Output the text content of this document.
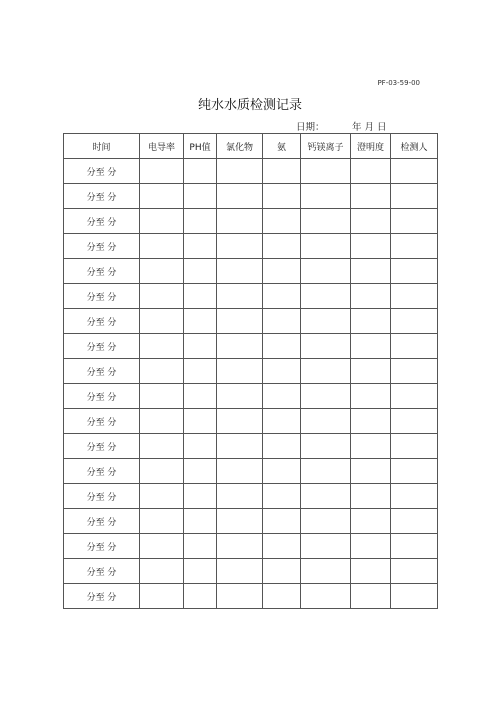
PF-03-59-00
纯水水质检测记录
日期：	年 月 日
时间	电导率	PH值	氯化物	氨	钙镁离子	澄明度	检测人
分至 分							
分至 分							
分至 分							
分至 分							
分至 分							
分至 分							
分至 分							
分至 分							
分至 分							
分至 分							
分至 分							
分至 分							
分至 分							
分至 分							
分至 分							
分至 分							
分至 分							
分至 分							
